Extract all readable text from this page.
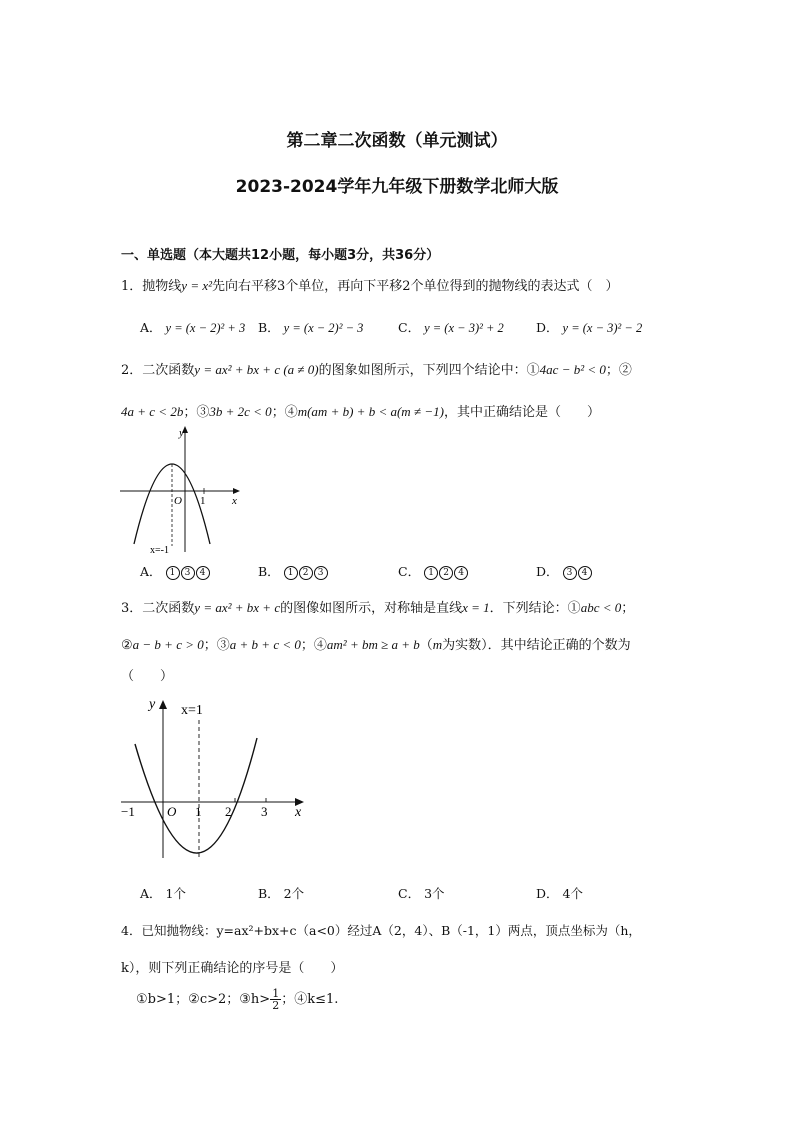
第二章二次函数（单元测试）
2023-2024学年九年级下册数学北师大版
一、单选题（本大题共12小题，每小题3分，共36分）
1．抛物线y = x²先向右平移3个单位，再向下平移2个单位得到的抛物线的表达式（　）
A． y = (x − 2)² + 3 B． y = (x − 2)² − 3	C． y = (x − 3)² + 2	D． y = (x − 3)² − 2
2．二次函数y = ax² + bx + c (a ≠ 0)的图象如图所示，下列四个结论中：①4ac − b² < 0；②
4a + c < 2b；③3b + 2c < 0；④m(am + b) + b < a(m ≠ −1)，其中正确结论是（　　）
y
x
O 1
x=-1
A． 1 3 4	B． 1 2 3	C． 1 2 4	D． 3 4
3．二次函数y = ax² + bx + c的图像如图所示，对称轴是直线x = 1．下列结论：①abc < 0；
②a − b + c > 0；③a + b + c < 0；④am² + bm ≥ a + b（m为实数）．其中结论正确的个数为
（　　）
y
x
x=1
O
−1	1 2 3
A． 1个	B． 2个	C． 3个	D． 4个
4．已知抛物线：y=ax²+bx+c（a<0）经过A（2，4）、B（-1，1）两点，顶点坐标为（h，
k），则下列正确结论的序号是（　　）
①b>1；②c>2；③h> $\frac{1}{2}$ ；④k≤1.
